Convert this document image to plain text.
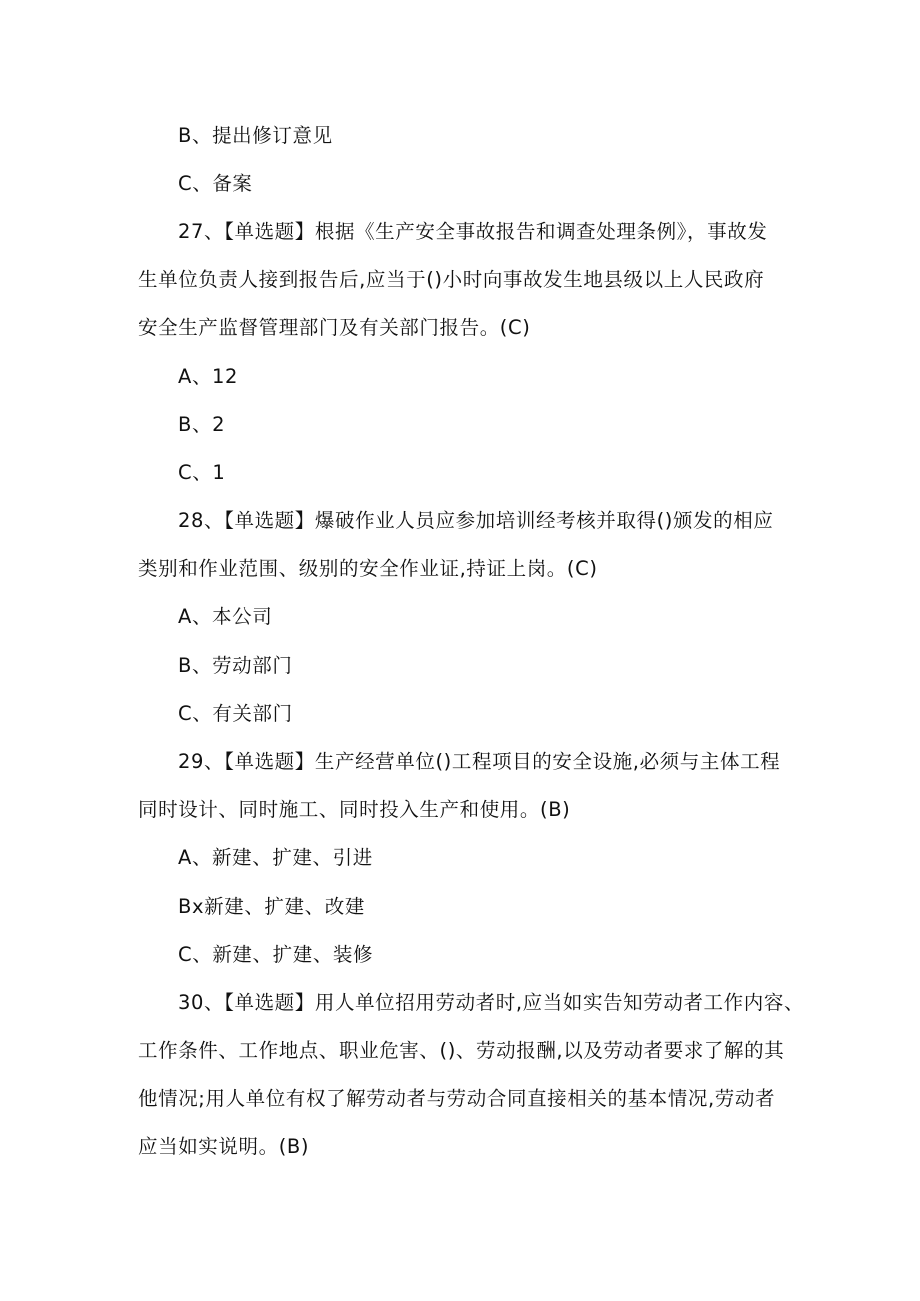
B、提出修订意见
C、备案
27、【单选题】根据《生产安全事故报告和调查处理条例》，事故发
生单位负责人接到报告后,应当于()小时向事故发生地县级以上人民政府
安全生产监督管理部门及有关部门报告。(C)
A、12
B、2
C、1
28、【单选题】爆破作业人员应参加培训经考核并取得()颁发的相应
类别和作业范围、级别的安全作业证,持证上岗。(C)
A、本公司
B、劳动部门
C、有关部门
29、【单选题】生产经营单位()工程项目的安全设施,必须与主体工程
同时设计、同时施工、同时投入生产和使用。(B)
A、新建、扩建、引进
Bx新建、扩建、改建
C、新建、扩建、装修
30、【单选题】用人单位招用劳动者时,应当如实告知劳动者工作内容、
工作条件、工作地点、职业危害、()、劳动报酬,以及劳动者要求了解的其
他情况;用人单位有权了解劳动者与劳动合同直接相关的基本情况,劳动者
应当如实说明。(B)
